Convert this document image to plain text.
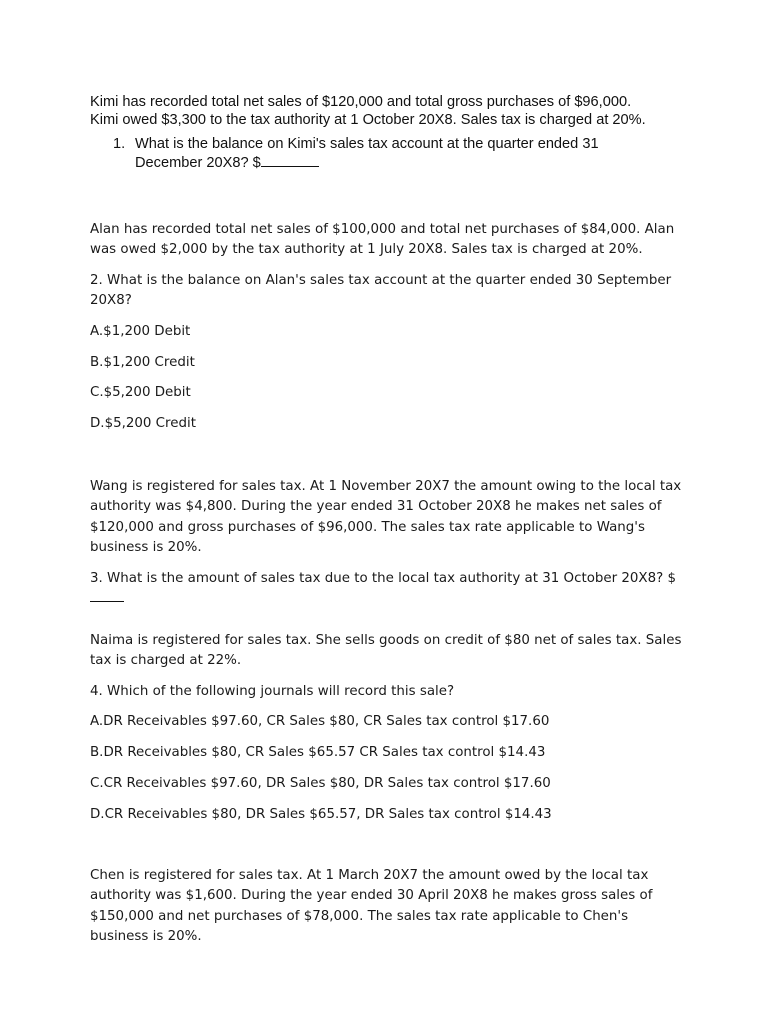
Kimi has recorded total net sales of $120,000 and total gross purchases of $96,000.
Kimi owed $3,300 to the tax authority at 1 October 20X8. Sales tax is charged at 20%.
1. What is the balance on Kimi's sales tax account at the quarter ended 31
December 20X8? $

Alan has recorded total net sales of $100,000 and total net purchases of $84,000. Alan was owed $2,000 by the tax authority at 1 July 20X8. Sales tax is charged at 20%.

2. What is the balance on Alan's sales tax account at the quarter ended 30 September 20X8?

A.$1,200 Debit

B.$1,200 Credit

C.$5,200 Debit

D.$5,200 Credit

Wang is registered for sales tax. At 1 November 20X7 the amount owing to the local tax authority was $4,800. During the year ended 31 October 20X8 he makes net sales of $120,000 and gross purchases of $96,000. The sales tax rate applicable to Wang's business is 20%.

3. What is the amount of sales tax due to the local tax authority at 31 October 20X8? $

Naima is registered for sales tax. She sells goods on credit of $80 net of sales tax. Sales tax is charged at 22%.

4. Which of the following journals will record this sale?

A.DR Receivables $97.60, CR Sales $80, CR Sales tax control $17.60

B.DR Receivables $80, CR Sales $65.57 CR Sales tax control $14.43

C.CR Receivables $97.60, DR Sales $80, DR Sales tax control $17.60

D.CR Receivables $80, DR Sales $65.57, DR Sales tax control $14.43

Chen is registered for sales tax. At 1 March 20X7 the amount owed by the local tax authority was $1,600. During the year ended 30 April 20X8 he makes gross sales of $150,000 and net purchases of $78,000. The sales tax rate applicable to Chen's business is 20%.
